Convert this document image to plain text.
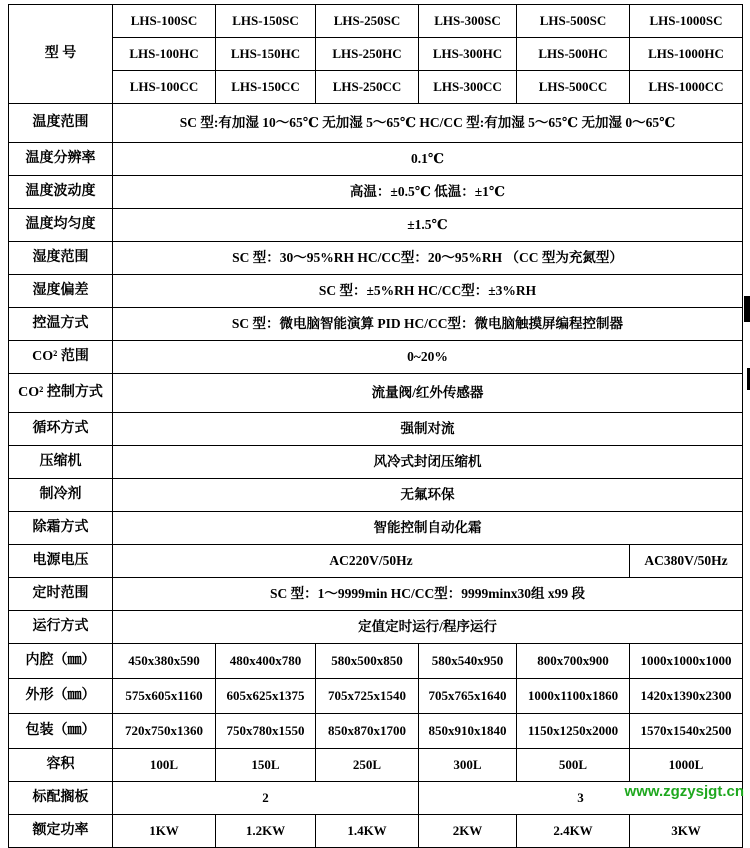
型 号	LHS-100SC	LHS-150SC	LHS-250SC	LHS-300SC	LHS-500SC	LHS-1000SC
	LHS-100HC	LHS-150HC	LHS-250HC	LHS-300HC	LHS-500HC	LHS-1000HC
	LHS-100CC	LHS-150CC	LHS-250CC	LHS-300CC	LHS-500CC	LHS-1000CC
温度范围	SC 型:有加湿 10～65℃ 无加湿 5～65℃ HC/CC 型:有加湿 5～65℃ 无加湿 0～65℃					
温度分辨率	0.1℃					
温度波动度	高温：±0.5℃ 低温：±1℃					
温度均匀度	±1.5℃					
湿度范围	SC 型：30～95%RH HC/CC型：20～95%RH （CC 型为充氮型）					
湿度偏差	SC 型：±5%RH HC/CC型：±3%RH					
控温方式	SC 型：微电脑智能演算 PID HC/CC型：微电脑触摸屏编程控制器					
CO² 范围	0~20%					
CO² 控制方式	流量阀/红外传感器					
循环方式	强制对流					
压缩机	风冷式封闭压缩机					
制冷剂	无氟环保					
除霜方式	智能控制自动化霜					
电源电压	AC220V/50Hz					AC380V/50Hz
定时范围	SC 型：1～9999min HC/CC型：9999minx30组 x99 段					
运行方式	定值定时运行/程序运行					
内腔（㎜）	450x380x590	480x400x780	580x500x850	580x540x950	800x700x900	1000x1000x1000
外形（㎜）	575x605x1160	605x625x1375	705x725x1540	705x765x1640	1000x1100x1860	1420x1390x2300
包装（㎜）	720x750x1360	750x780x1550	850x870x1700	850x910x1840	1150x1250x2000	1570x1540x2500
容积	100L	150L	250L	300L	500L	1000L
标配搁板	2			3		
额定功率	1KW	1.2KW	1.4KW	2KW	2.4KW	3KW
www.zgzysjgt.cn
